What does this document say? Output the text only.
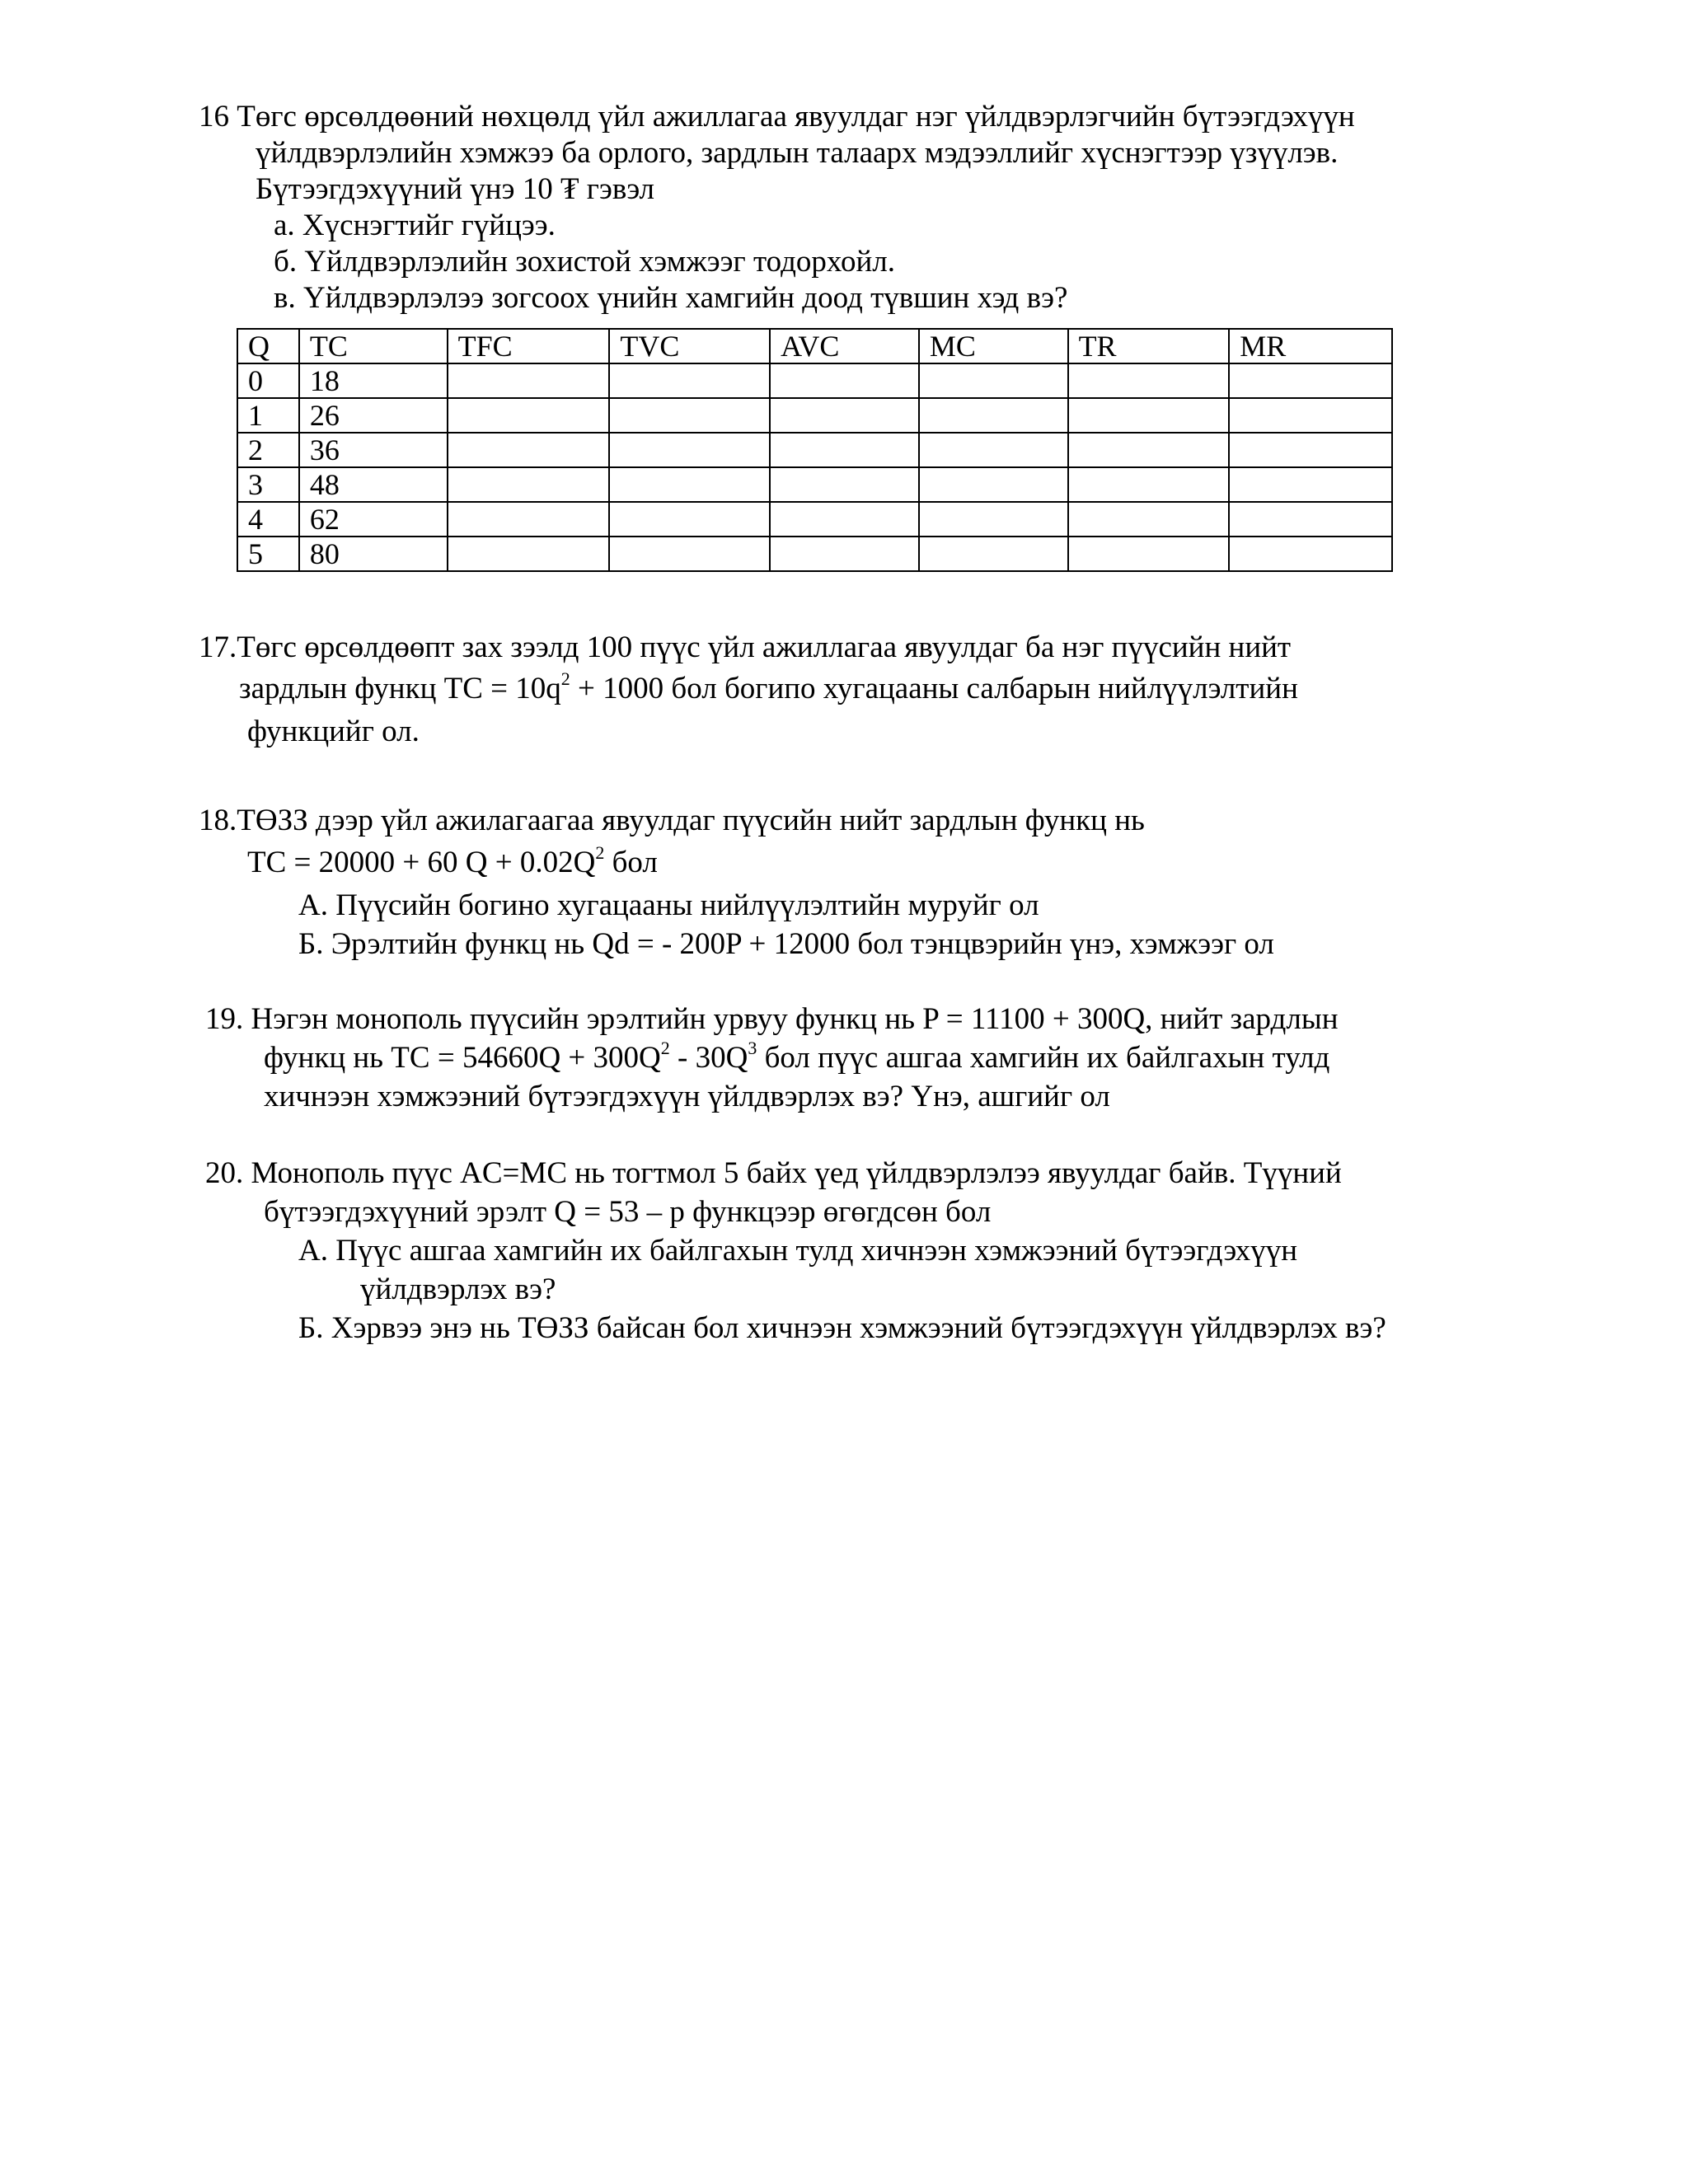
16 Төгс өрсөлдөөний нөхцөлд үйл ажиллагаа явуулдаг нэг үйлдвэрлэгчийн бүтээгдэхүүн
үйлдвэрлэлийн хэмжээ ба орлого, зардлын талаарх мэдээллийг хүснэгтээр үзүүлэв.
Бүтээгдэхүүний үнэ 10 ₮ гэвэл
а. Хүснэгтийг гүйцээ.
б. Үйлдвэрлэлийн зохистой хэмжээг тодорхойл.
в. Үйлдвэрлэлээ зогсоох үнийн хамгийн доод түвшин хэд вэ?
Q	TC	TFC	TVC	AVC	MC	TR	MR
0	18						
1	26						
2	36						
3	48						
4	62						
5	80						
17.Төгс өрсөлдөөпт зах зээлд 100 пүүс үйл ажиллагаа явуулдаг ба нэг пүүсийн нийт
зардлын функц TC = $10q^2 + 1000$ бол богипо хугацааны салбарын нийлүүлэлтийн
функцийг ол.
18.ТӨЗЗ дээр үйл ажилагаагаа явуулдаг пүүсийн нийт зардлын функц нь
TC = 20000 + 60 $Q + 0.02Q^2$ бол
А. Пүүсийн богино хугацааны нийлүүлэлтийн муруйг ол
Б. Эрэлтийн функц нь Qd = - 200P + 12000 бол тэнцвэрийн үнэ, хэмжээг ол
19. Нэгэн монополь пүүсийн эрэлтийн урвуу функц нь P = 11100 + 300Q, нийт зардлын
функц нь TC = $54660Q + 300Q^2 - 30Q^3$ бол пүүс ашгаа хамгийн их байлгахын тулд
хичнээн хэмжээний бүтээгдэхүүн үйлдвэрлэх вэ? Үнэ, ашгийг ол
20. Монополь пүүс AC=MC нь тогтмол 5 байх үед үйлдвэрлэлээ явуулдаг байв. Түүний
бүтээгдэхүүний эрэлт Q = 53 – p функцээр өгөгдсөн бол
А. Пүүс ашгаа хамгийн их байлгахын тулд хичнээн хэмжээний бүтээгдэхүүн
үйлдвэрлэх вэ?
Б. Хэрвээ энэ нь ТӨЗЗ байсан бол хичнээн хэмжээний бүтээгдэхүүн үйлдвэрлэх вэ?
